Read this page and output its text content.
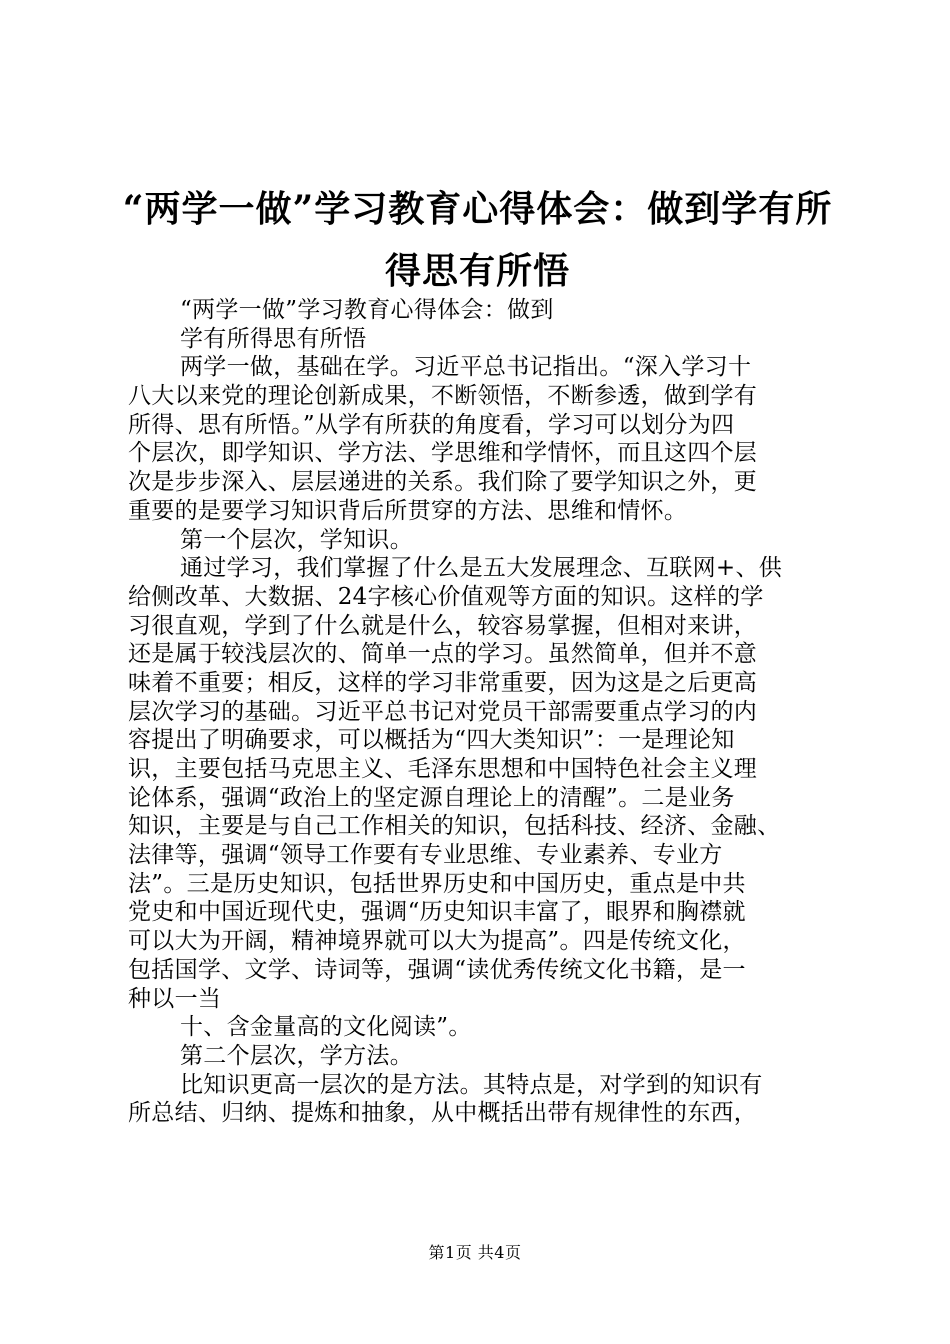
“两学一做”学习教育心得体会：做到学有所
得思有所悟
“两学一做”学习教育心得体会：做到
学有所得思有所悟
两学一做，基础在学。习近平总书记指出。“深入学习十
八大以来党的理论创新成果，不断领悟，不断参透，做到学有
所得、思有所悟。”从学有所获的角度看，学习可以划分为四
个层次，即学知识、学方法、学思维和学情怀，而且这四个层
次是步步深入、层层递进的关系。我们除了要学知识之外，更
重要的是要学习知识背后所贯穿的方法、思维和情怀。
第一个层次，学知识。
通过学习，我们掌握了什么是五大发展理念、互联网+、供
给侧改革、大数据、24字核心价值观等方面的知识。这样的学
习很直观，学到了什么就是什么，较容易掌握，但相对来讲，
还是属于较浅层次的、简单一点的学习。虽然简单，但并不意
味着不重要；相反，这样的学习非常重要，因为这是之后更高
层次学习的基础。习近平总书记对党员干部需要重点学习的内
容提出了明确要求，可以概括为“四大类知识”：一是理论知
识，主要包括马克思主义、毛泽东思想和中国特色社会主义理
论体系，强调“政治上的坚定源自理论上的清醒”。二是业务
知识，主要是与自己工作相关的知识，包括科技、经济、金融、
法律等，强调“领导工作要有专业思维、专业素养、专业方
法”。三是历史知识，包括世界历史和中国历史，重点是中共
党史和中国近现代史，强调“历史知识丰富了，眼界和胸襟就
可以大为开阔，精神境界就可以大为提高”。四是传统文化，
包括国学、文学、诗词等，强调“读优秀传统文化书籍，是一
种以一当
十、含金量高的文化阅读”。
第二个层次，学方法。
比知识更高一层次的是方法。其特点是，对学到的知识有
所总结、归纳、提炼和抽象，从中概括出带有规律性的东西，
第1页 共4页
